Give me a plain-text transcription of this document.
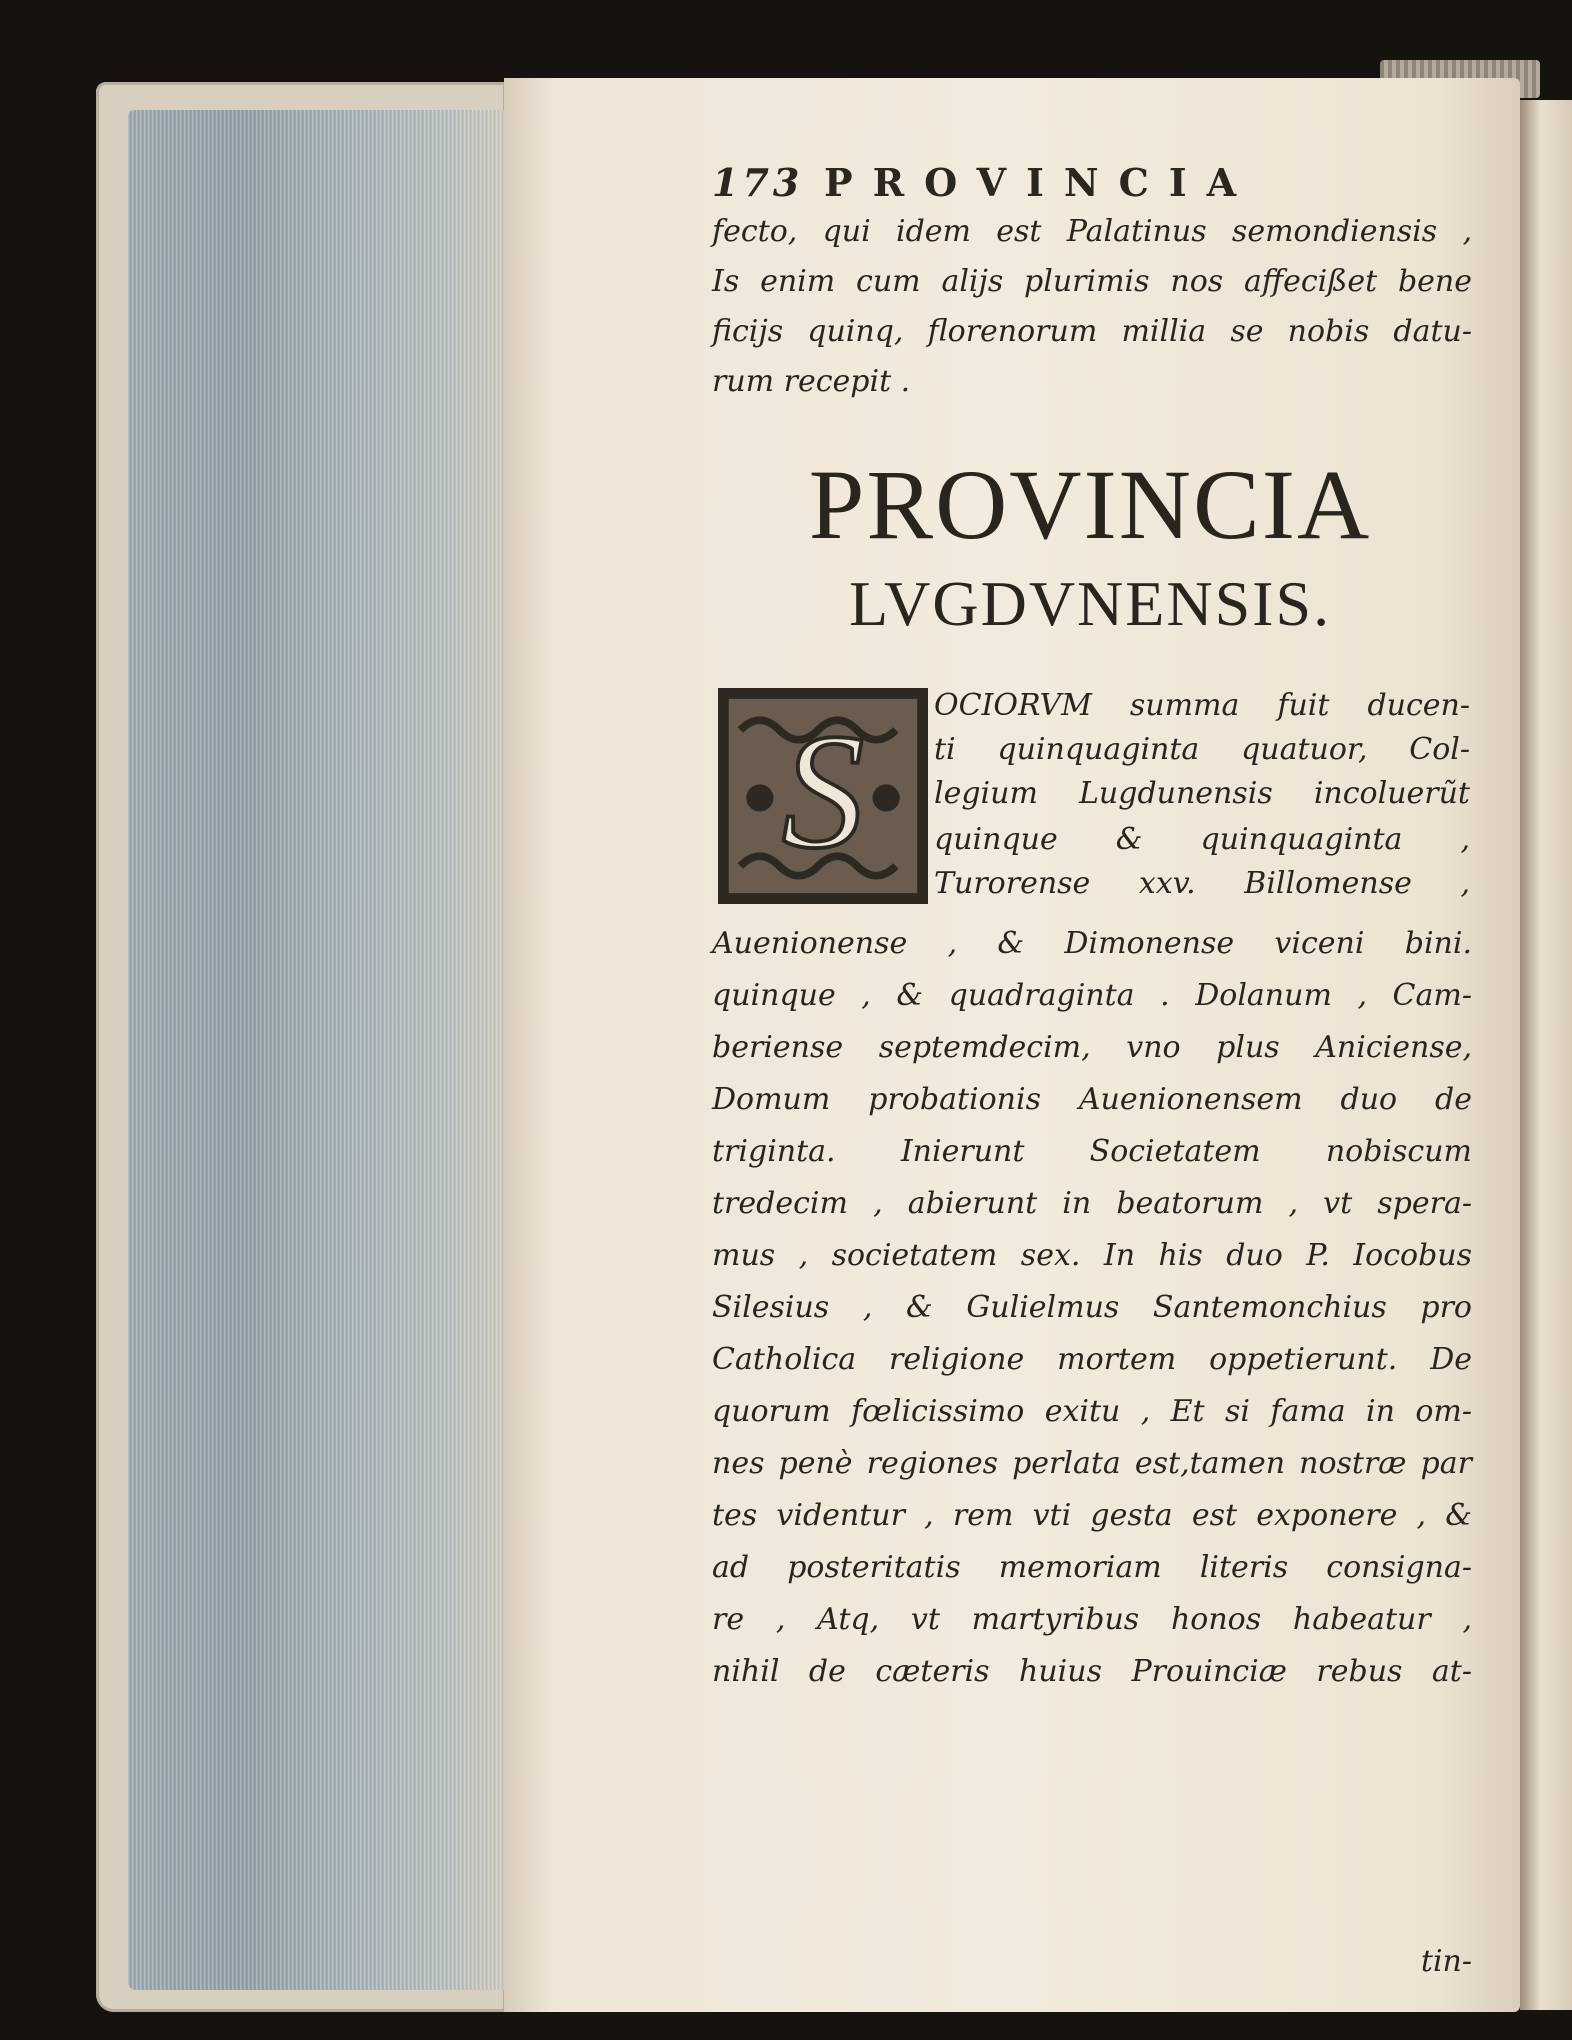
173 PROVINCIA
fecto, qui idem est Palatinus semondiensis ,
Is enim cum alijs plurimis nos affecißet bene
ficijs quinq, florenorum millia se nobis datu-
rum recepit .
PROVINCIA
LVGDVNENSIS.
S OCIORVM summa fuit ducen-
ti quinquaginta quatuor, Col-
legium Lugdunensis incoluerũt
quinque & quinquaginta ,
Turorense xxv. Billomense ,
Auenionense , & Dimonense viceni bini.
quinque , & quadraginta . Dolanum , Cam-
beriense septemdecim, vno plus Aniciense,
Domum probationis Auenionensem duo de
triginta. Inierunt Societatem nobiscum
tredecim , abierunt in beatorum , vt spera-
mus , societatem sex. In his duo P. Iocobus
Silesius , & Gulielmus Santemonchius pro
Catholica religione mortem oppetierunt. De
quorum fœlicissimo exitu , Et si fama in om-
nes penè regiones perlata est,tamen nostræ par
tes videntur , rem vti gesta est exponere , &
ad posteritatis memoriam literis consigna-
re , Atq, vt martyribus honos habeatur ,
nihil de cæteris huius Prouinciæ rebus at-
tin-
